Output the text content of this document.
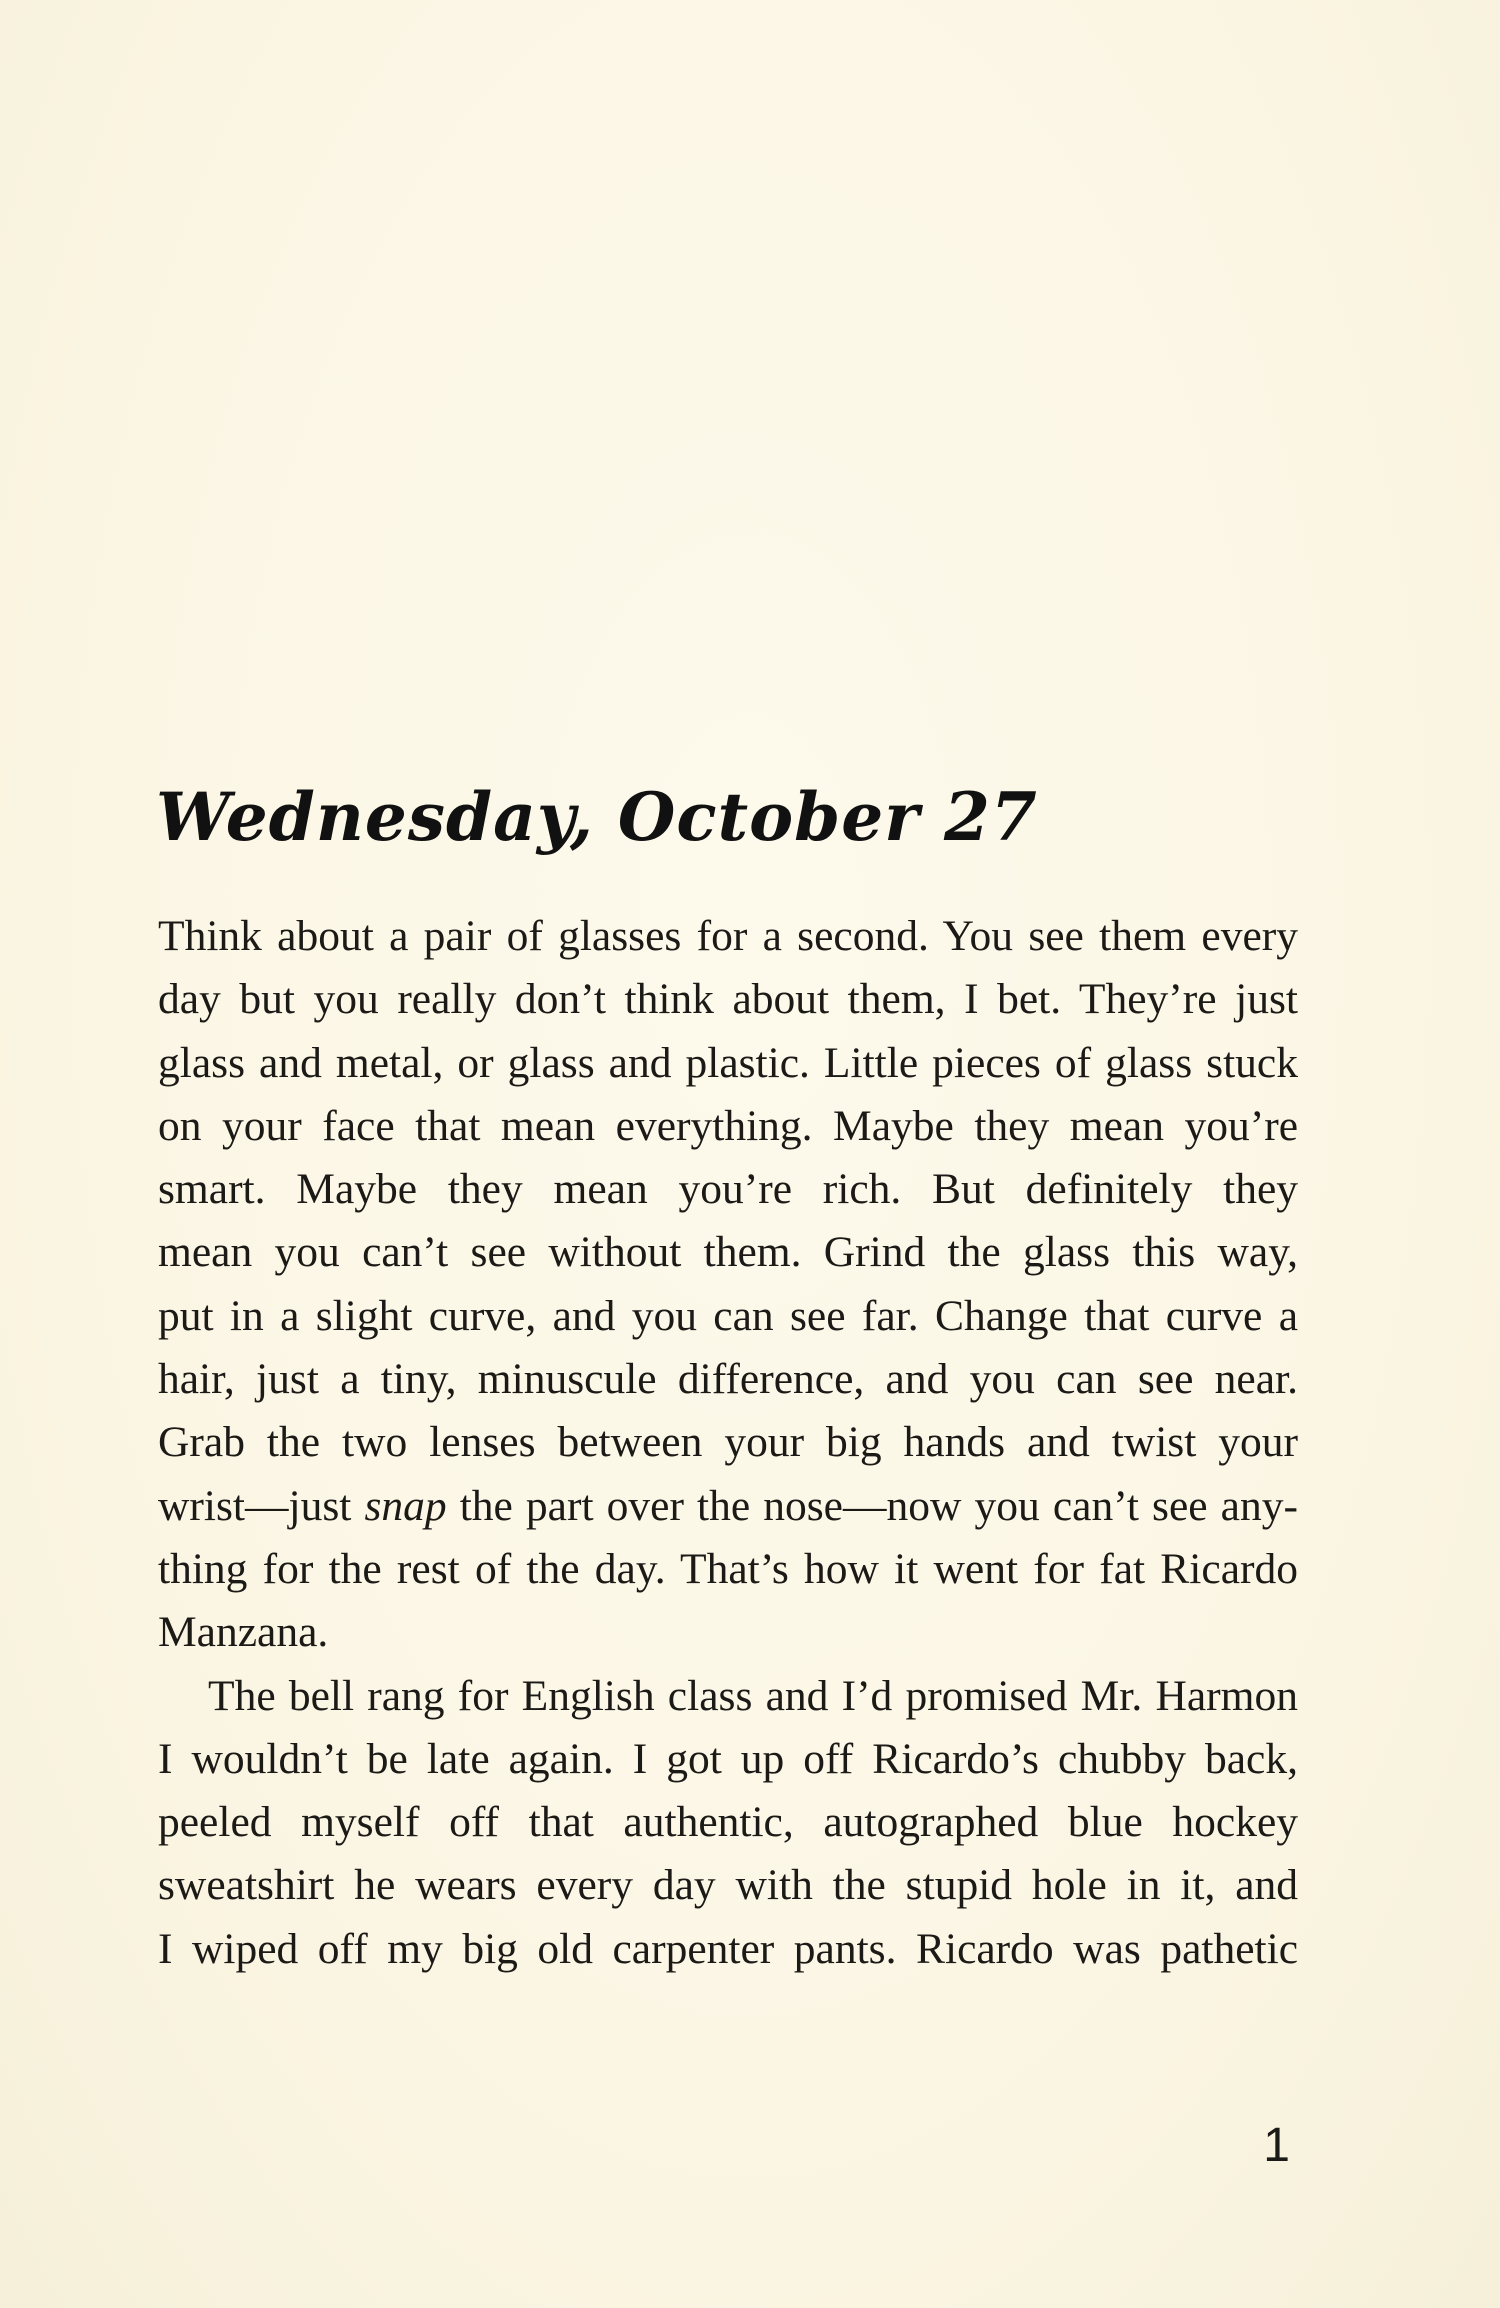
Wednesday, October 27
Think about a pair of glasses for a second. You see them every
day but you really don’t think about them, I bet. They’re just
glass and metal, or glass and plastic. Little pieces of glass stuck
on your face that mean everything. Maybe they mean you’re
smart. Maybe they mean you’re rich. But definitely they
mean you can’t see without them. Grind the glass this way,
put in a slight curve, and you can see far. Change that curve a
hair, just a tiny, minuscule difference, and you can see near.
Grab the two lenses between your big hands and twist your
wrist—just snap the part over the nose—now you can’t see any-
thing for the rest of the day. That’s how it went for fat Ricardo
Manzana.
The bell rang for English class and I’d promised Mr. Harmon
I wouldn’t be late again. I got up off Ricardo’s chubby back,
peeled myself off that authentic, autographed blue hockey
sweatshirt he wears every day with the stupid hole in it, and
I wiped off my big old carpenter pants. Ricardo was pathetic
1
